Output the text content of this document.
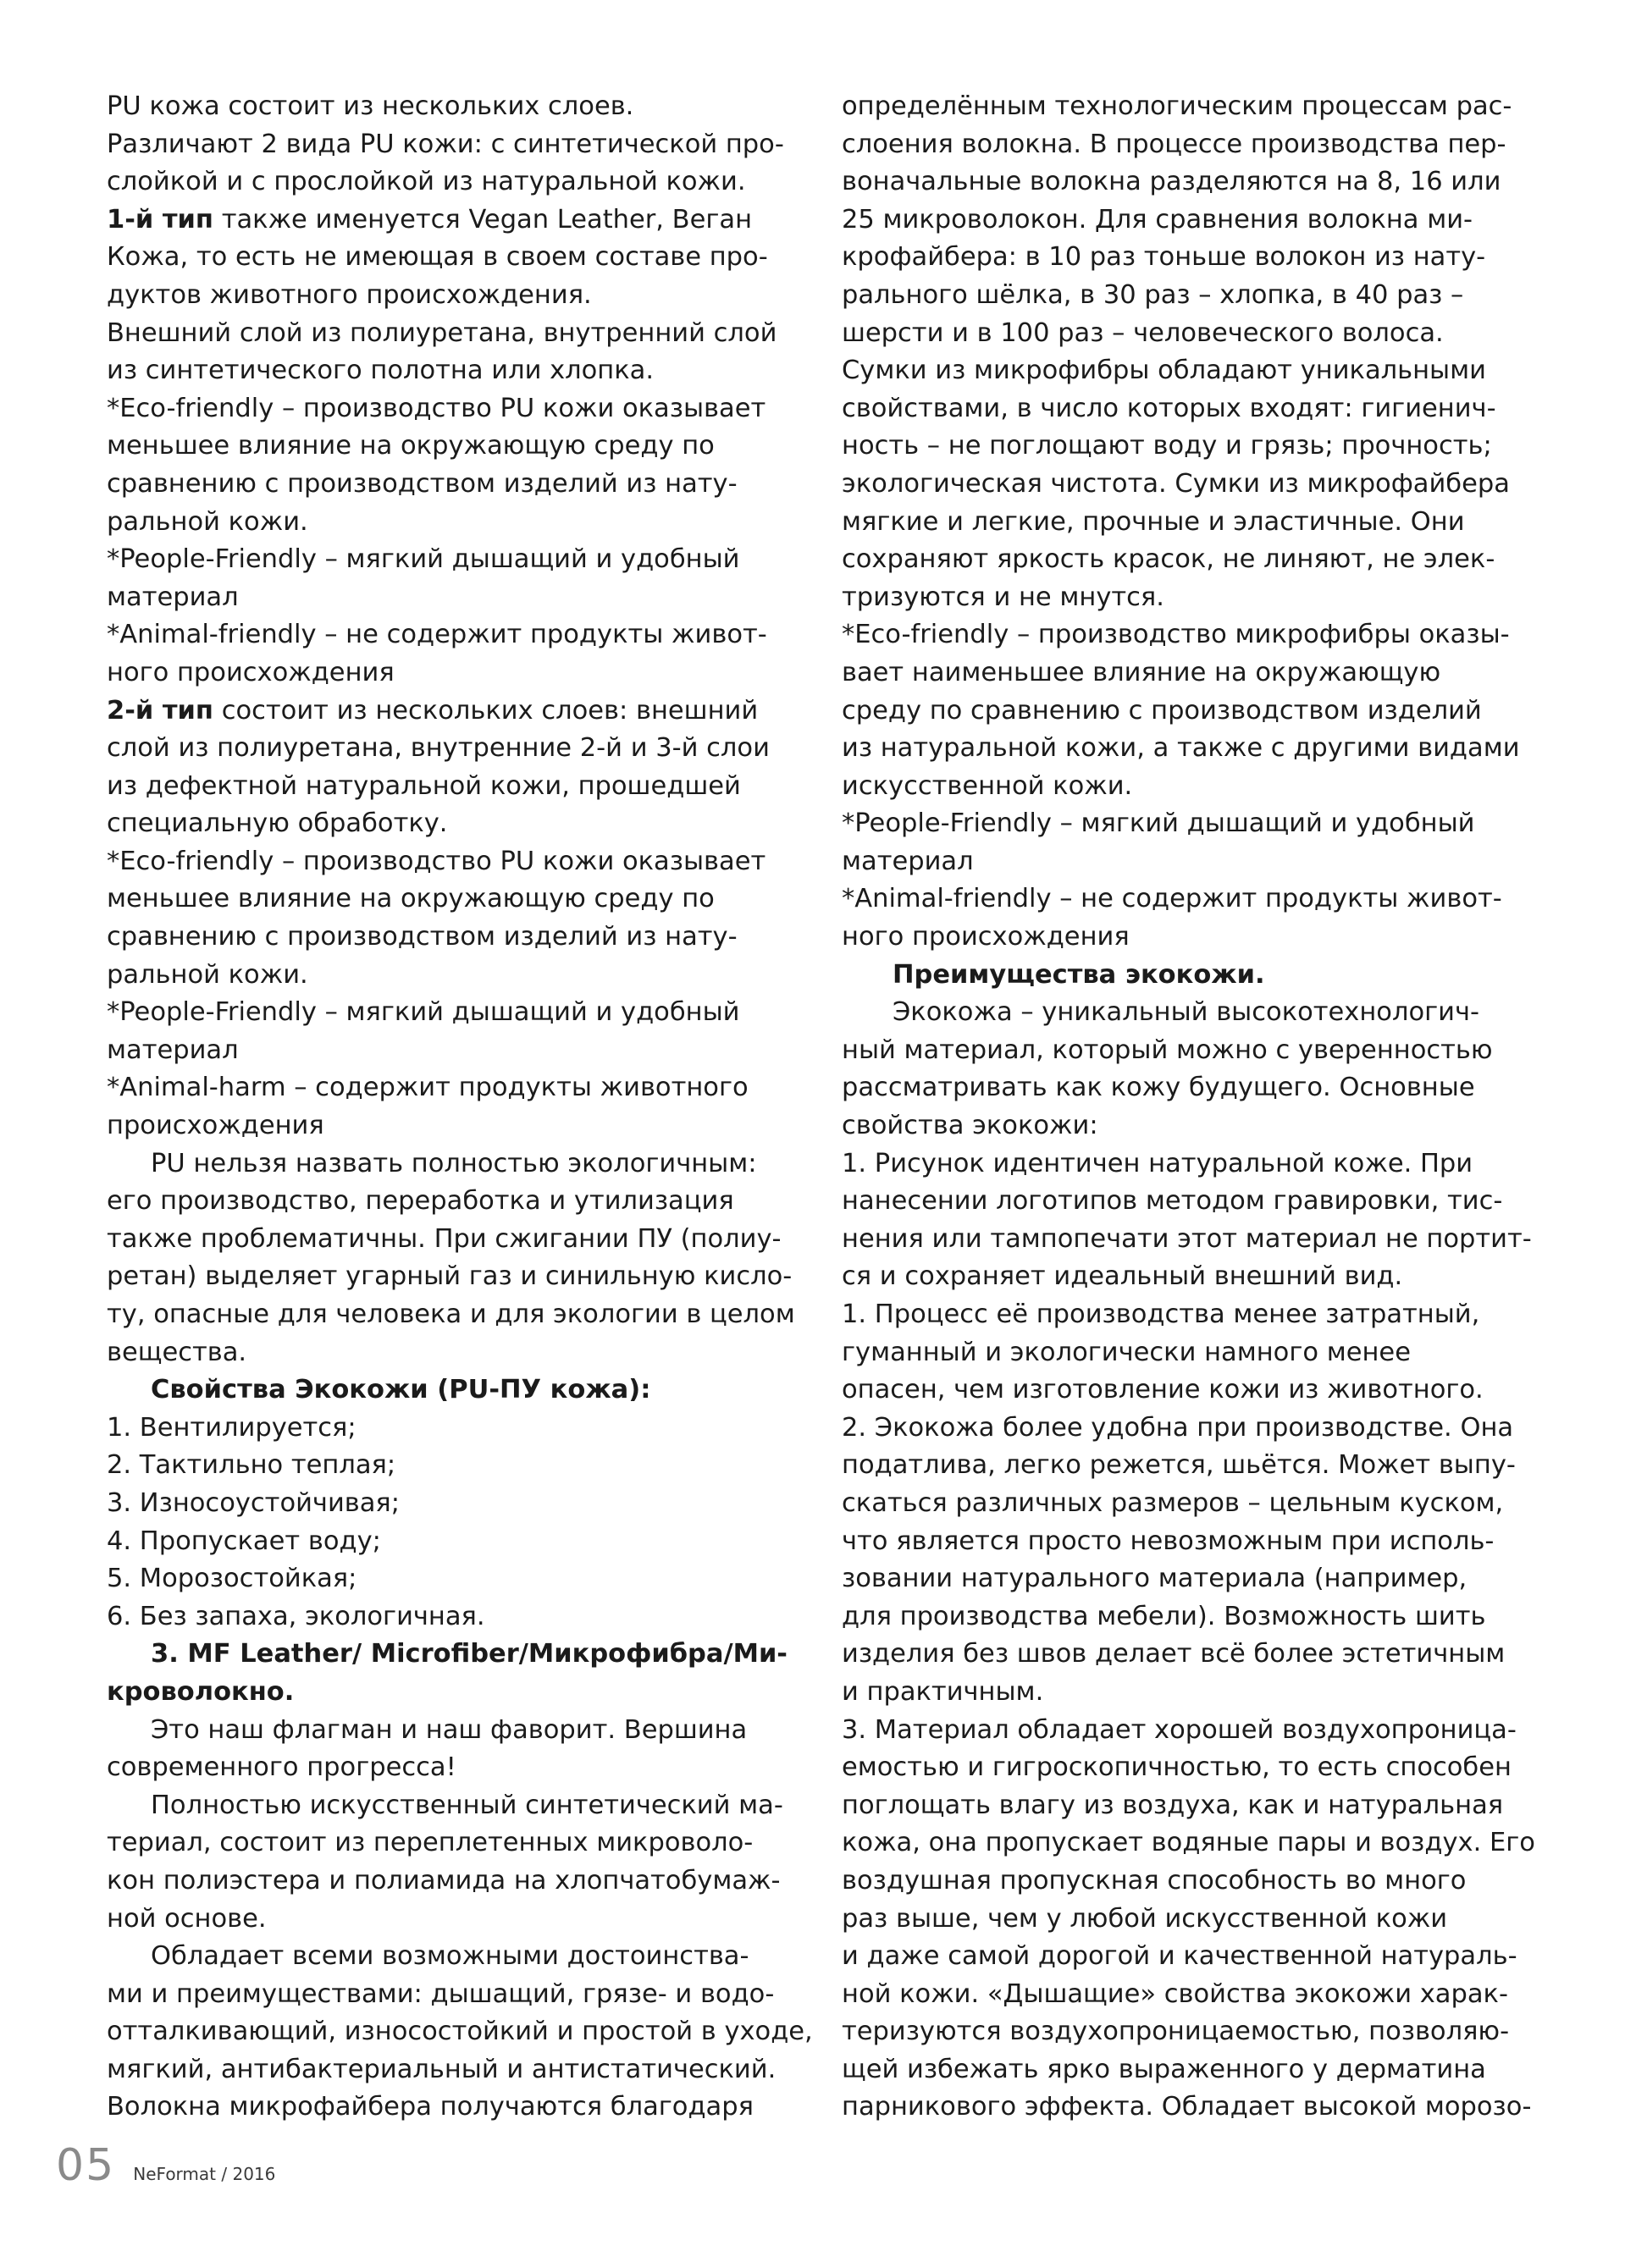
PU кожа состоит из нескольких слоев.
Различают 2 вида PU кожи: с синтетической про-
слойкой и с прослойкой из натуральной кожи.
1-й тип также именуется Vegan Leather, Веган
Кожа, то есть не имеющая в своем составе про-
дуктов животного происхождения.
Внешний слой из полиуретана, внутренний слой
из синтетического полотна или хлопка.
*Eco-friendly – производство PU кожи оказывает
меньшее влияние на окружающую среду по
сравнению с производством изделий из нату-
ральной кожи.
*People-Friendly – мягкий дышащий и удобный
материал
*Animal-friendly – не содержит продукты живот-
ного происхождения
2-й тип состоит из нескольких слоев: внешний
слой из полиуретана, внутренние 2-й и 3-й слои
из дефектной натуральной кожи, прошедшей
специальную обработку.
*Eco-friendly – производство PU кожи оказывает
меньшее влияние на окружающую среду по
сравнению с производством изделий из нату-
ральной кожи.
*People-Friendly – мягкий дышащий и удобный
материал
*Animal-harm – содержит продукты животного
происхождения
PU нельзя назвать полностью экологичным:
его производство, переработка и утилизация
также проблематичны. При сжигании ПУ (полиу-
ретан) выделяет угарный газ и синильную кисло-
ту, опасные для человека и для экологии в целом
вещества.
Свойства Экокожи (PU-ПУ кожа):
1. Вентилируется;
2. Тактильно теплая;
3. Износоустойчивая;
4. Пропускает воду;
5. Морозостойкая;
6. Без запаха, экологичная.
3. MF Leather/ Microfiber/Микрофибра/Ми-
кроволокно.
Это наш флагман и наш фаворит. Вершина
современного прогресса!
Полностью искусственный синтетический ма-
териал, состоит из переплетенных микроволо-
кон полиэстера и полиамида на хлопчатобумаж-
ной основе.
Обладает всеми возможными достоинства-
ми и преимуществами: дышащий, грязе- и водо-
отталкивающий, износостойкий и простой в уходе,
мягкий, антибактериальный и антистатический.
Волокна микрофайбера получаются благодаря
определённым технологическим процессам рас-
слоения волокна. В процессе производства пер-
воначальные волокна разделяются на 8, 16 или
25 микроволокон. Для сравнения волокна ми-
крофайбера: в 10 раз тоньше волокон из нату-
рального шёлка, в 30 раз – хлопка, в 40 раз –
шерсти и в 100 раз – человеческого волоса.
Сумки из микрофибры обладают уникальными
свойствами, в число которых входят: гигиенич-
ность – не поглощают воду и грязь; прочность;
экологическая чистота. Сумки из микрофайбера
мягкие и легкие, прочные и эластичные. Они
сохраняют яркость красок, не линяют, не элек-
тризуются и не мнутся.
*Eco-friendly – производство микрофибры оказы-
вает наименьшее влияние на окружающую
среду по сравнению с производством изделий
из натуральной кожи, а также с другими видами
искусственной кожи.
*People-Friendly – мягкий дышащий и удобный
материал
*Animal-friendly – не содержит продукты живот-
ного происхождения
Преимущества экокожи.
Экокожа – уникальный высокотехнологич-
ный материал, который можно с уверенностью
рассматривать как кожу будущего. Основные
свойства экокожи:
1. Рисунок идентичен натуральной коже. При
нанесении логотипов методом гравировки, тис-
нения или тампопечати этот материал не портит-
ся и сохраняет идеальный внешний вид.
1. Процесс её производства менее затратный,
гуманный и экологически намного менее
опасен, чем изготовление кожи из животного.
2. Экокожа более удобна при производстве. Она
податлива, легко режется, шьётся. Может выпу-
скаться различных размеров – цельным куском,
что является просто невозможным при исполь-
зовании натурального материала (например,
для производства мебели). Возможность шить
изделия без швов делает всё более эстетичным
и практичным.
3. Материал обладает хорошей воздухопроница-
емостью и гигроскопичностью, то есть способен
поглощать влагу из воздуха, как и натуральная
кожа, она пропускает водяные пары и воздух. Его
воздушная пропускная способность во много
раз выше, чем у любой искусственной кожи
и даже самой дорогой и качественной натураль-
ной кожи. «Дышащие» свойства экокожи харак-
теризуются воздухопроницаемостью, позволяю-
щей избежать ярко выраженного у дерматина
парникового эффекта. Обладает высокой морозо-
05 NeFormat / 2016
